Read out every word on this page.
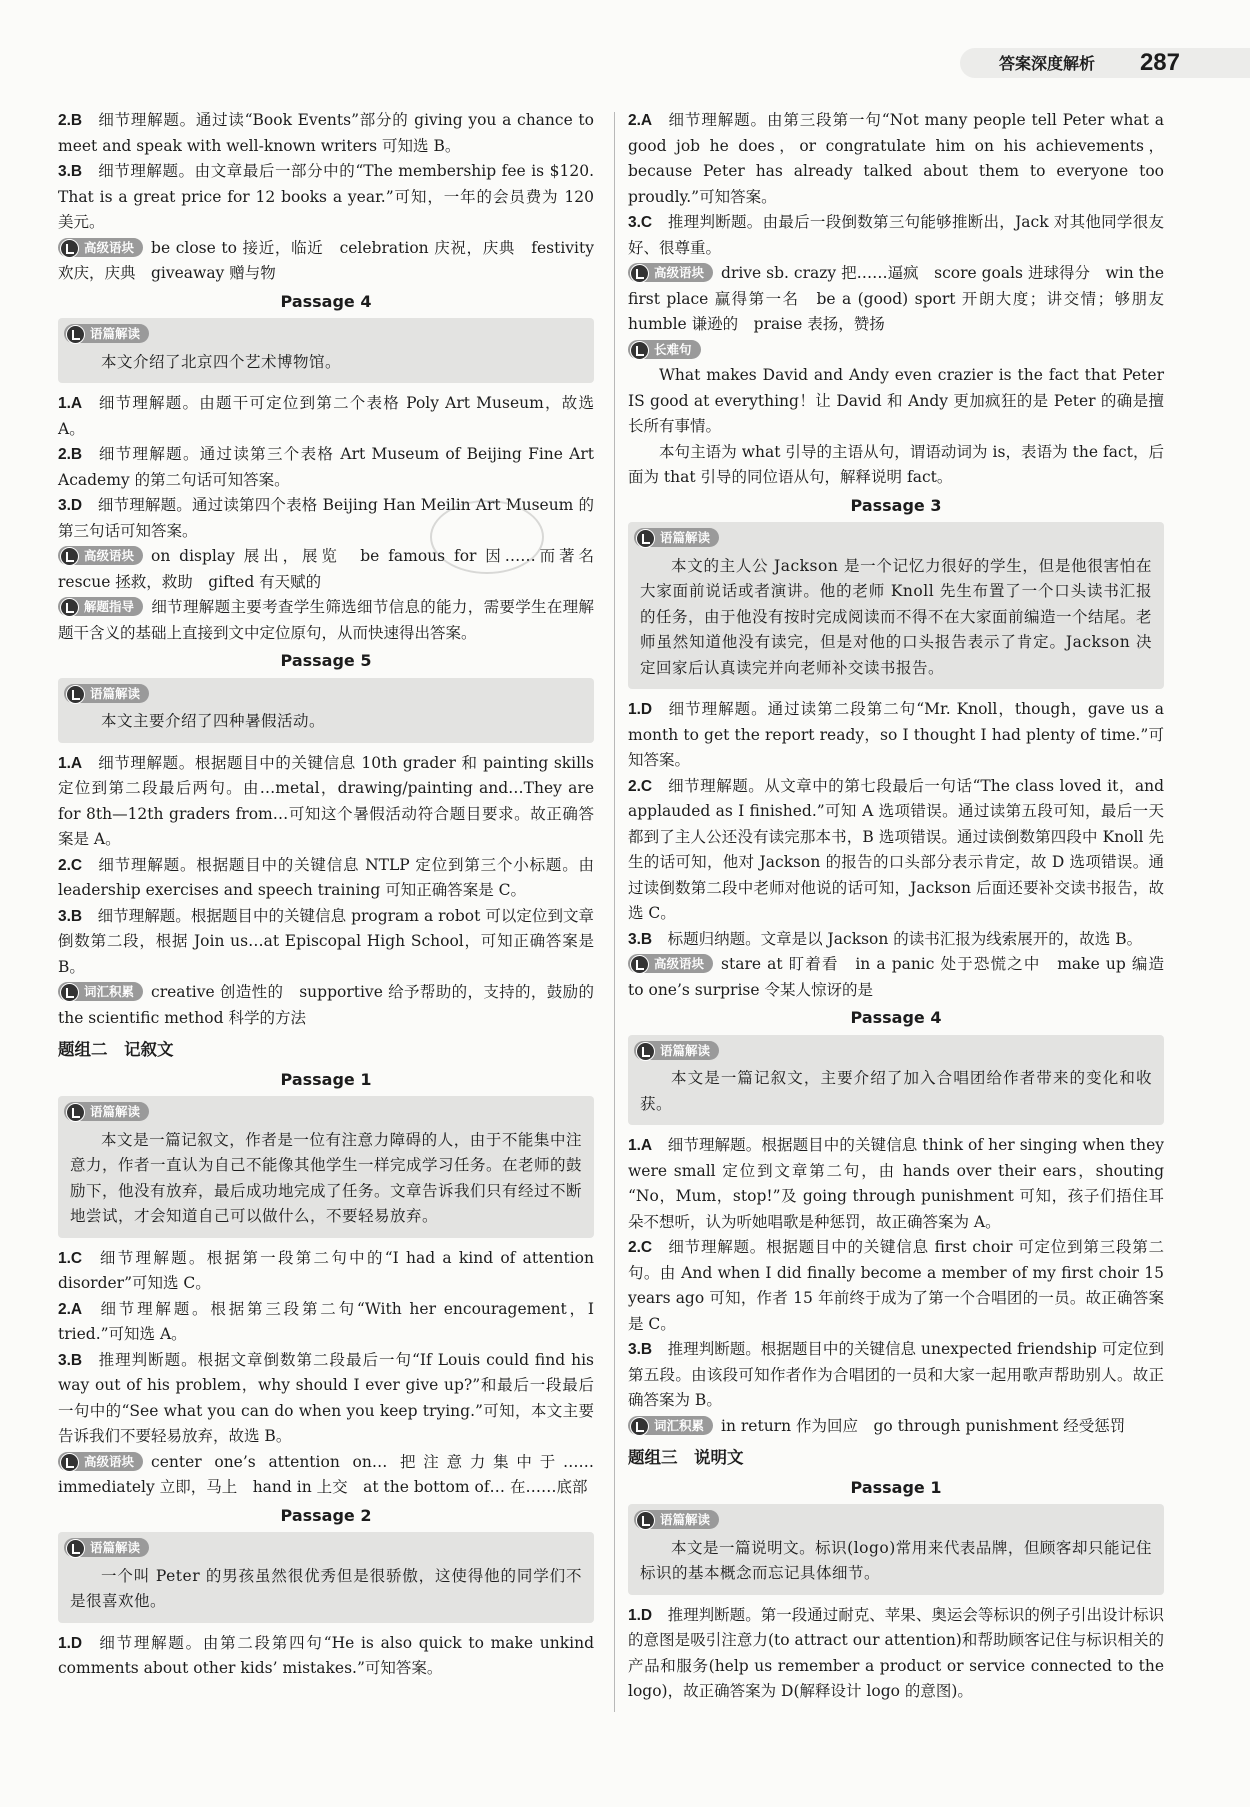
答案深度解析 287

2.B  细节理解题。通过读“Book Events”部分的 giving you a chance to meet and speak with well-known writers 可知选 B。

3.B  细节理解题。由文章最后一部分中的“The membership fee is $120. That is a great price for 12 books a year.”可知，一年的会员费为 120 美元。

高级语块 be close to 接近，临近　celebration 庆祝，庆典　festivity 欢庆，庆典　giveaway 赠与物

Passage 4
语篇解读

本文介绍了北京四个艺术博物馆。

1.A  细节理解题。由题干可定位到第二个表格 Poly Art Museum，故选 A。

2.B  细节理解题。通过读第三个表格 Art Museum of Beijing Fine Art Academy 的第二句话可知答案。

3.D  细节理解题。通过读第四个表格 Beijing Han Meilin Art Museum 的第三句话可知答案。

高级语块 on display 展出，展览　be famous for 因……而著名　rescue 拯救，救助　gifted 有天赋的

解题指导 细节理解题主要考查学生筛选细节信息的能力，需要学生在理解题干含义的基础上直接到文中定位原句，从而快速得出答案。

Passage 5
语篇解读

本文主要介绍了四种暑假活动。

1.A  细节理解题。根据题目中的关键信息 10th grader 和 painting skills 定位到第二段最后两句。由…metal，drawing/painting and…They are for 8th—12th graders from…可知这个暑假活动符合题目要求。故正确答案是 A。

2.C  细节理解题。根据题目中的关键信息 NTLP 定位到第三个小标题。由 leadership exercises and speech training 可知正确答案是 C。

3.B  细节理解题。根据题目中的关键信息 program a robot 可以定位到文章倒数第二段，根据 Join us…at Episcopal High School，可知正确答案是 B。

词汇积累 creative 创造性的　supportive 给予帮助的，支持的，鼓励的　the scientific method 科学的方法

题组二　记叙文
Passage 1
语篇解读

本文是一篇记叙文，作者是一位有注意力障碍的人，由于不能集中注意力，作者一直认为自己不能像其他学生一样完成学习任务。在老师的鼓励下，他没有放弃，最后成功地完成了任务。文章告诉我们只有经过不断地尝试，才会知道自己可以做什么，不要轻易放弃。

1.C  细节理解题。根据第一段第二句中的“I had a kind of attention disorder”可知选 C。

2.A  细节理解题。根据第三段第二句“With her encouragement，I tried.”可知选 A。

3.B  推理判断题。根据文章倒数第二段最后一句“If Louis could find his way out of his problem，why should I ever give up?”和最后一段最后一句中的“See what you can do when you keep trying.”可知，本文主要告诉我们不要轻易放弃，故选 B。

高级语块 center one’s attention on… 把注意力集中于……　immediately 立即，马上　hand in 上交　at the bottom of… 在……底部

Passage 2
语篇解读

一个叫 Peter 的男孩虽然很优秀但是很骄傲，这使得他的同学们不是很喜欢他。

1.D  细节理解题。由第二段第四句“He is also quick to make unkind comments about other kids’ mistakes.”可知答案。

2.A  细节理解题。由第三段第一句“Not many people tell Peter what a good job he does，or congratulate him on his achievements，because Peter has already talked about them to everyone too proudly.”可知答案。

3.C  推理判断题。由最后一段倒数第三句能够推断出，Jack 对其他同学很友好、很尊重。

高级语块 drive sb. crazy 把……逼疯　score goals 进球得分　win the first place 赢得第一名　be a (good) sport 开朗大度；讲交情；够朋友　humble 谦逊的　praise 表扬，赞扬

长难句

What makes David and Andy even crazier is the fact that Peter IS good at everything！让 David 和 Andy 更加疯狂的是 Peter 的确是擅长所有事情。

本句主语为 what 引导的主语从句，谓语动词为 is，表语为 the fact，后面为 that 引导的同位语从句，解释说明 fact。

Passage 3
语篇解读

本文的主人公 Jackson 是一个记忆力很好的学生，但是他很害怕在大家面前说话或者演讲。他的老师 Knoll 先生布置了一个口头读书汇报的任务，由于他没有按时完成阅读而不得不在大家面前编造一个结尾。老师虽然知道他没有读完，但是对他的口头报告表示了肯定。Jackson 决定回家后认真读完并向老师补交读书报告。

1.D  细节理解题。通过读第二段第二句“Mr. Knoll，though，gave us a month to get the report ready，so I thought I had plenty of time.”可知答案。

2.C  细节理解题。从文章中的第七段最后一句话“The class loved it，and applauded as I finished.”可知 A 选项错误。通过读第五段可知，最后一天都到了主人公还没有读完那本书，B 选项错误。通过读倒数第四段中 Knoll 先生的话可知，他对 Jackson 的报告的口头部分表示肯定，故 D 选项错误。通过读倒数第二段中老师对他说的话可知，Jackson 后面还要补交读书报告，故选 C。

3.B  标题归纳题。文章是以 Jackson 的读书汇报为线索展开的，故选 B。

高级语块 stare at 盯着看　in a panic 处于恐慌之中　make up 编造　to one’s surprise 令某人惊讶的是

Passage 4
语篇解读

本文是一篇记叙文，主要介绍了加入合唱团给作者带来的变化和收获。

1.A  细节理解题。根据题目中的关键信息 think of her singing when they were small 定位到文章第二句，由 hands over their ears，shouting “No，Mum，stop!”及 going through punishment 可知，孩子们捂住耳朵不想听，认为听她唱歌是种惩罚，故正确答案为 A。

2.C  细节理解题。根据题目中的关键信息 first choir 可定位到第三段第二句。由 And when I did finally become a member of my first choir 15 years ago 可知，作者 15 年前终于成为了第一个合唱团的一员。故正确答案是 C。

3.B  推理判断题。根据题目中的关键信息 unexpected friendship 可定位到第五段。由该段可知作者作为合唱团的一员和大家一起用歌声帮助别人。故正确答案为 B。

词汇积累 in return 作为回应　go through punishment 经受惩罚

题组三　说明文
Passage 1
语篇解读

本文是一篇说明文。标识(logo)常用来代表品牌，但顾客却只能记住标识的基本概念而忘记具体细节。

1.D  推理判断题。第一段通过耐克、苹果、奥运会等标识的例子引出设计标识的意图是吸引注意力(to attract our attention)和帮助顾客记住与标识相关的产品和服务(help us remember a product or service connected to the logo)，故正确答案为 D(解释设计 logo 的意图)。
